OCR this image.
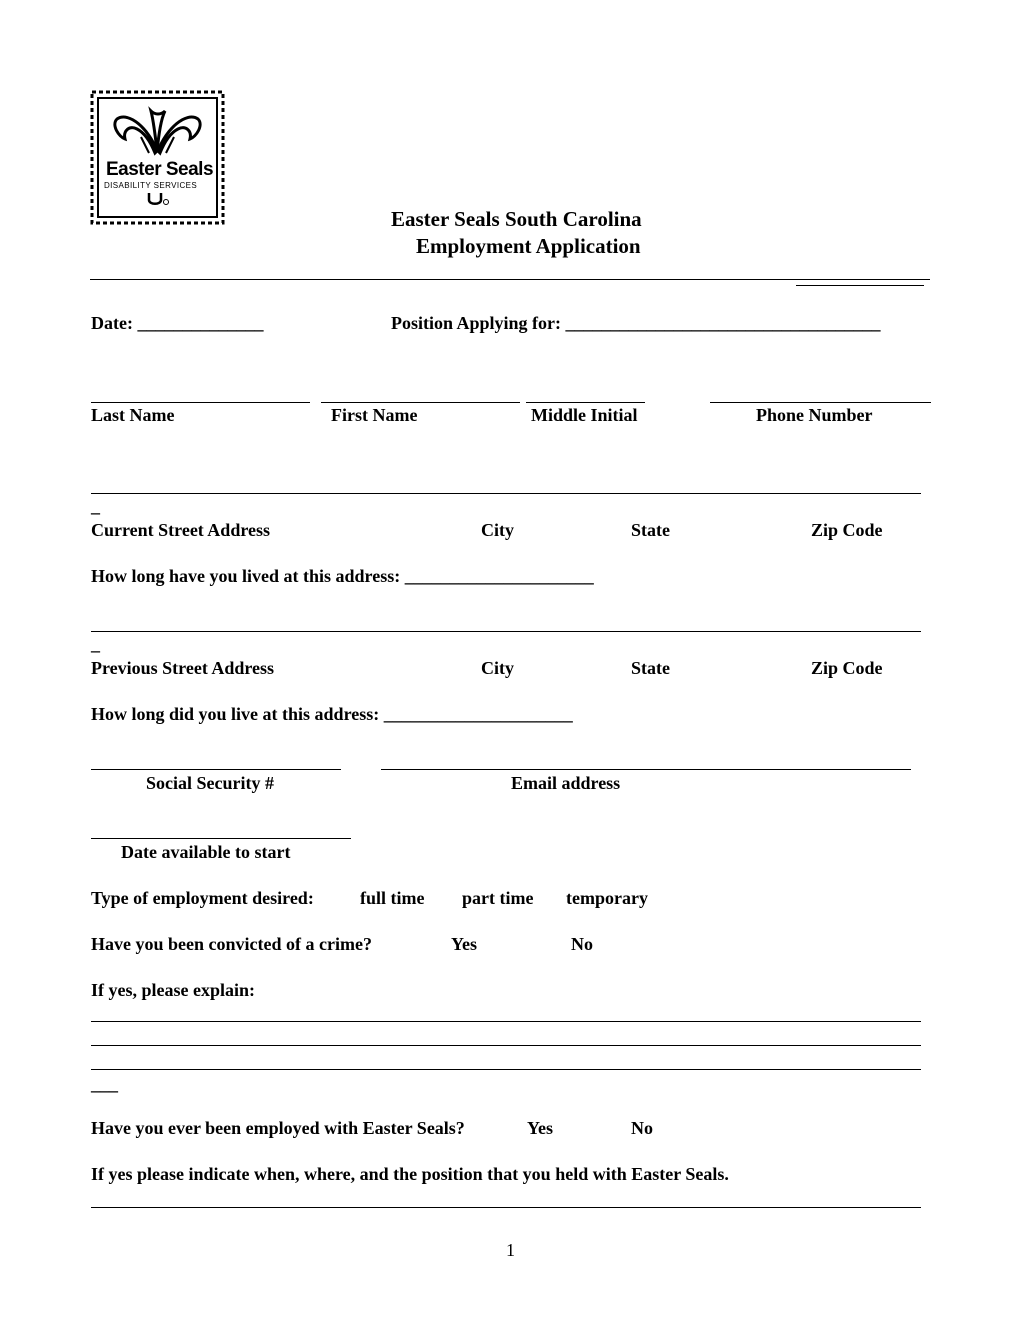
Easter Seals
DISABILITY SERVICES
Easter Seals South Carolina
Employment Application
Date: ______________	Position Applying for: ___________________________________
Last Name	First Name	Middle Initial	Phone Number
_
Current Street Address	City	State	Zip Code
How long have you lived at this address: _____________________
_
Previous Street Address	City	State	Zip Code
How long did you live at this address: _____________________
Social Security #	Email address
Date available to start
Type of employment desired:	full time part time temporary
Have you been convicted of a crime?	Yes	No
If yes, please explain:
___
Have you ever been employed with Easter Seals?	Yes	No
If yes please indicate when, where, and the position that you held with Easter Seals.
1
